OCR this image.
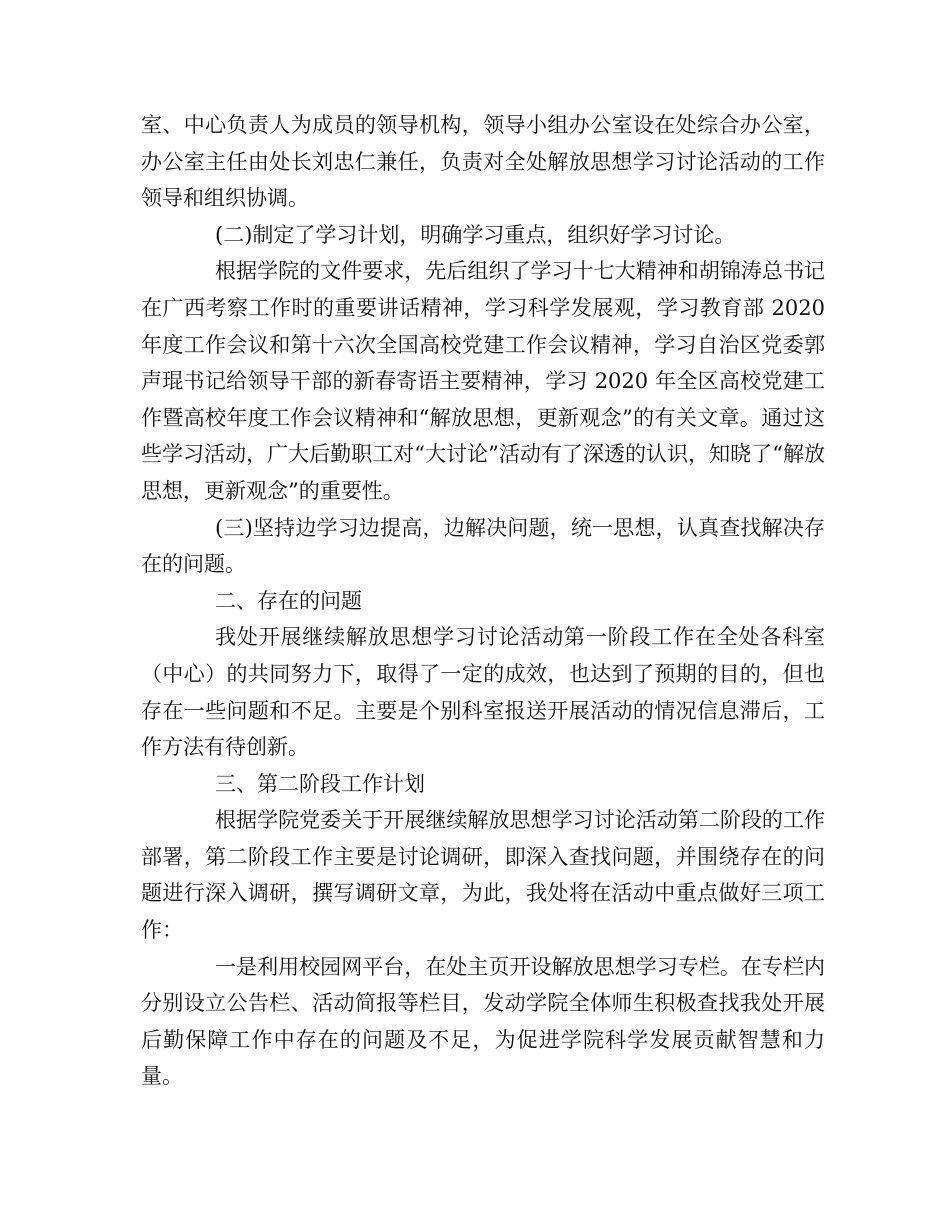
室、中心负责人为成员的领导机构，领导小组办公室设在处综合办公室，办公室主任由处长刘忠仁兼任，负责对全处解放思想学习讨论活动的工作领导和组织协调。

(二)制定了学习计划，明确学习重点，组织好学习讨论。

根据学院的文件要求，先后组织了学习十七大精神和胡锦涛总书记在广西考察工作时的重要讲话精神，学习科学发展观，学习教育部 2020 年度工作会议和第十六次全国高校党建工作会议精神，学习自治区党委郭声琨书记给领导干部的新春寄语主要精神，学习 2020 年全区高校党建工作暨高校年度工作会议精神和“解放思想，更新观念”的有关文章。通过这些学习活动，广大后勤职工对“大讨论”活动有了深透的认识，知晓了“解放思想，更新观念”的重要性。

(三)坚持边学习边提高，边解决问题，统一思想，认真查找解决存在的问题。

二、存在的问题

我处开展继续解放思想学习讨论活动第一阶段工作在全处各科室（中心）的共同努力下，取得了一定的成效，也达到了预期的目的，但也存在一些问题和不足。主要是个别科室报送开展活动的情况信息滞后，工作方法有待创新。

三、第二阶段工作计划

根据学院党委关于开展继续解放思想学习讨论活动第二阶段的工作部署，第二阶段工作主要是讨论调研，即深入查找问题，并围绕存在的问题进行深入调研，撰写调研文章，为此，我处将在活动中重点做好三项工作：

一是利用校园网平台，在处主页开设解放思想学习专栏。在专栏内分别设立公告栏、活动简报等栏目，发动学院全体师生积极查找我处开展后勤保障工作中存在的问题及不足，为促进学院科学发展贡献智慧和力量。
